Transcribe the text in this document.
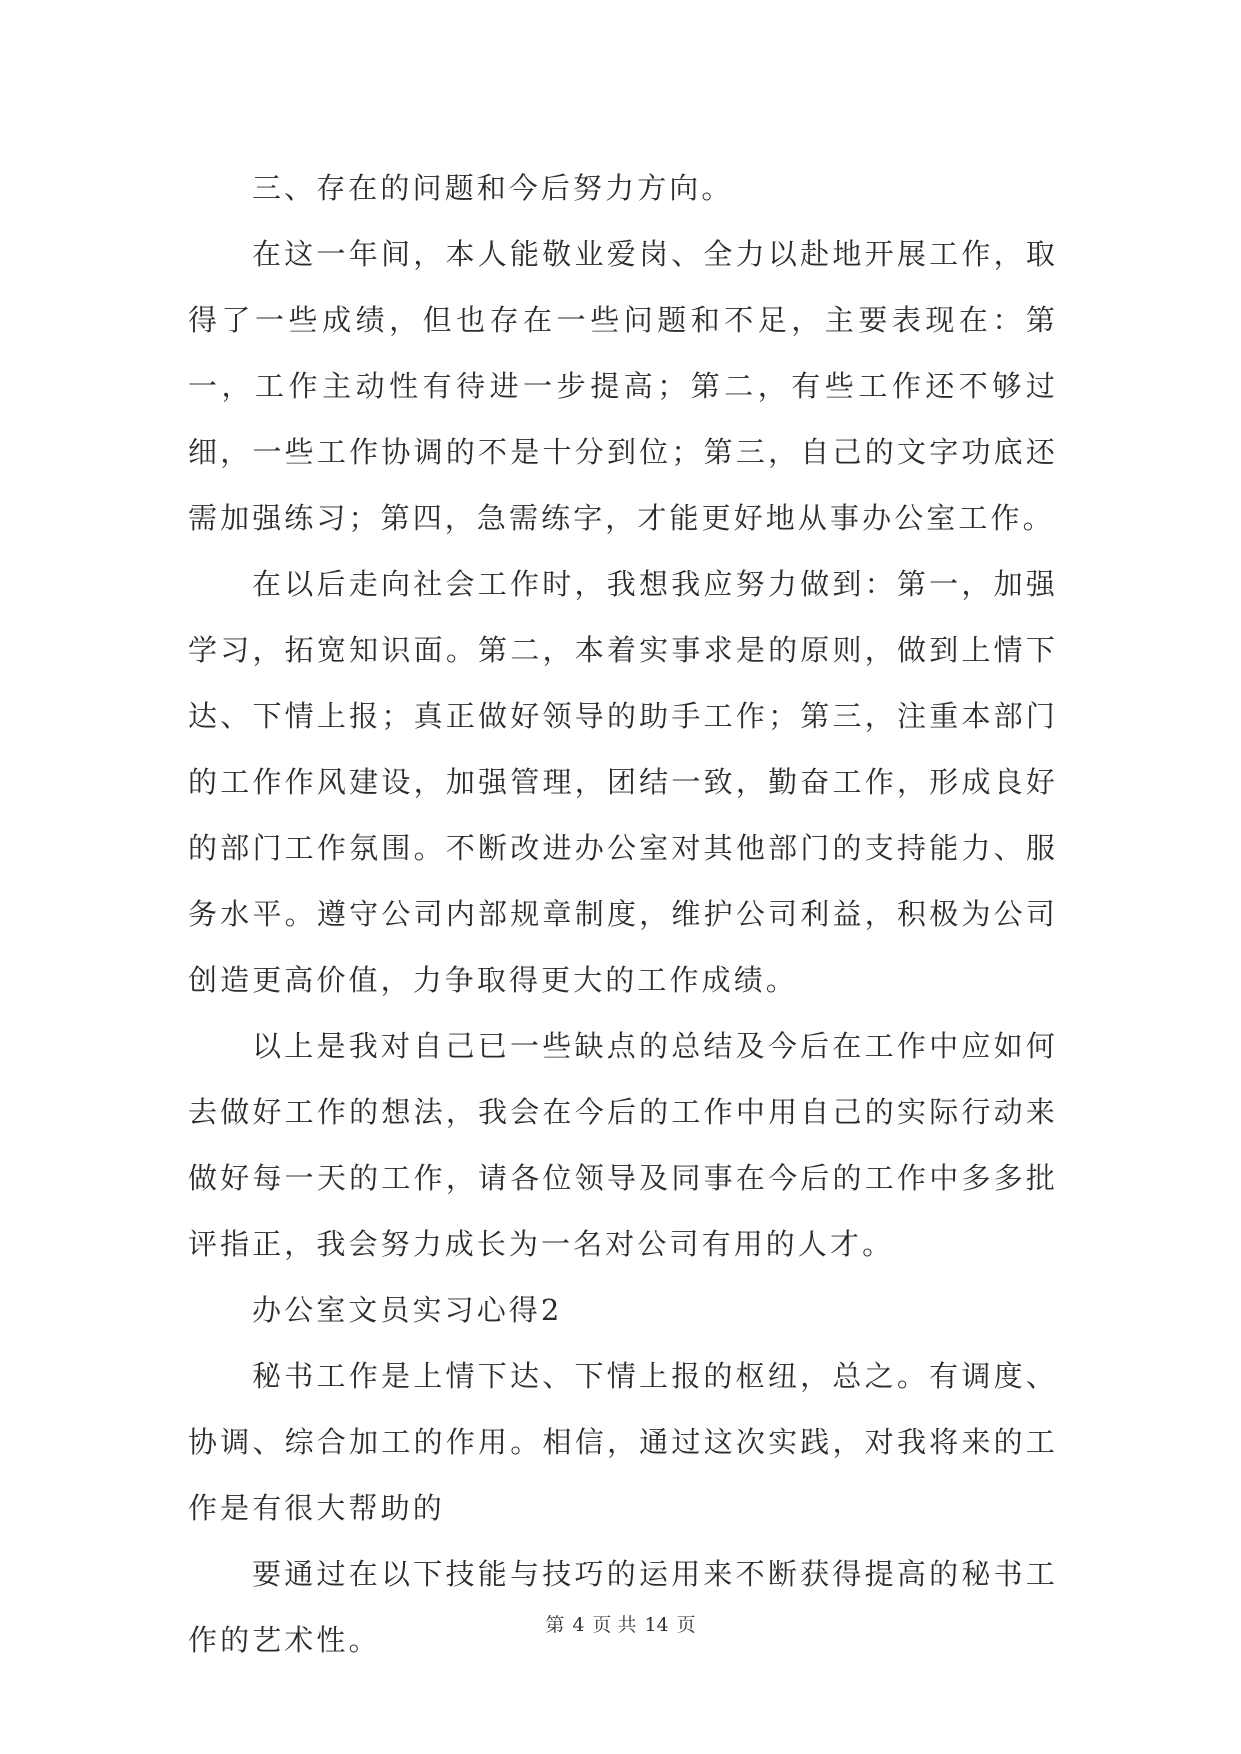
三、存在的问题和今后努力方向。

在这一年间，本人能敬业爱岗、全力以赴地开展工作，取得了一些成绩，但也存在一些问题和不足，主要表现在：第一，工作主动性有待进一步提高；第二，有些工作还不够过细，一些工作协调的不是十分到位；第三，自己的文字功底还需加强练习；第四，急需练字，才能更好地从事办公室工作。

在以后走向社会工作时，我想我应努力做到：第一，加强学习，拓宽知识面。第二，本着实事求是的原则，做到上情下达、下情上报；真正做好领导的助手工作；第三，注重本部门的工作作风建设，加强管理，团结一致，勤奋工作，形成良好的部门工作氛围。不断改进办公室对其他部门的支持能力、服务水平。遵守公司内部规章制度，维护公司利益，积极为公司创造更高价值，力争取得更大的工作成绩。

以上是我对自己已一些缺点的总结及今后在工作中应如何去做好工作的想法，我会在今后的工作中用自己的实际行动来做好每一天的工作，请各位领导及同事在今后的工作中多多批评指正，我会努力成长为一名对公司有用的人才。

办公室文员实习心得2

秘书工作是上情下达、下情上报的枢纽，总之。有调度、协调、综合加工的作用。相信，通过这次实践，对我将来的工作是有很大帮助的

要通过在以下技能与技巧的运用来不断获得提高的秘书工作的艺术性。	第 4 页 共 14 页
